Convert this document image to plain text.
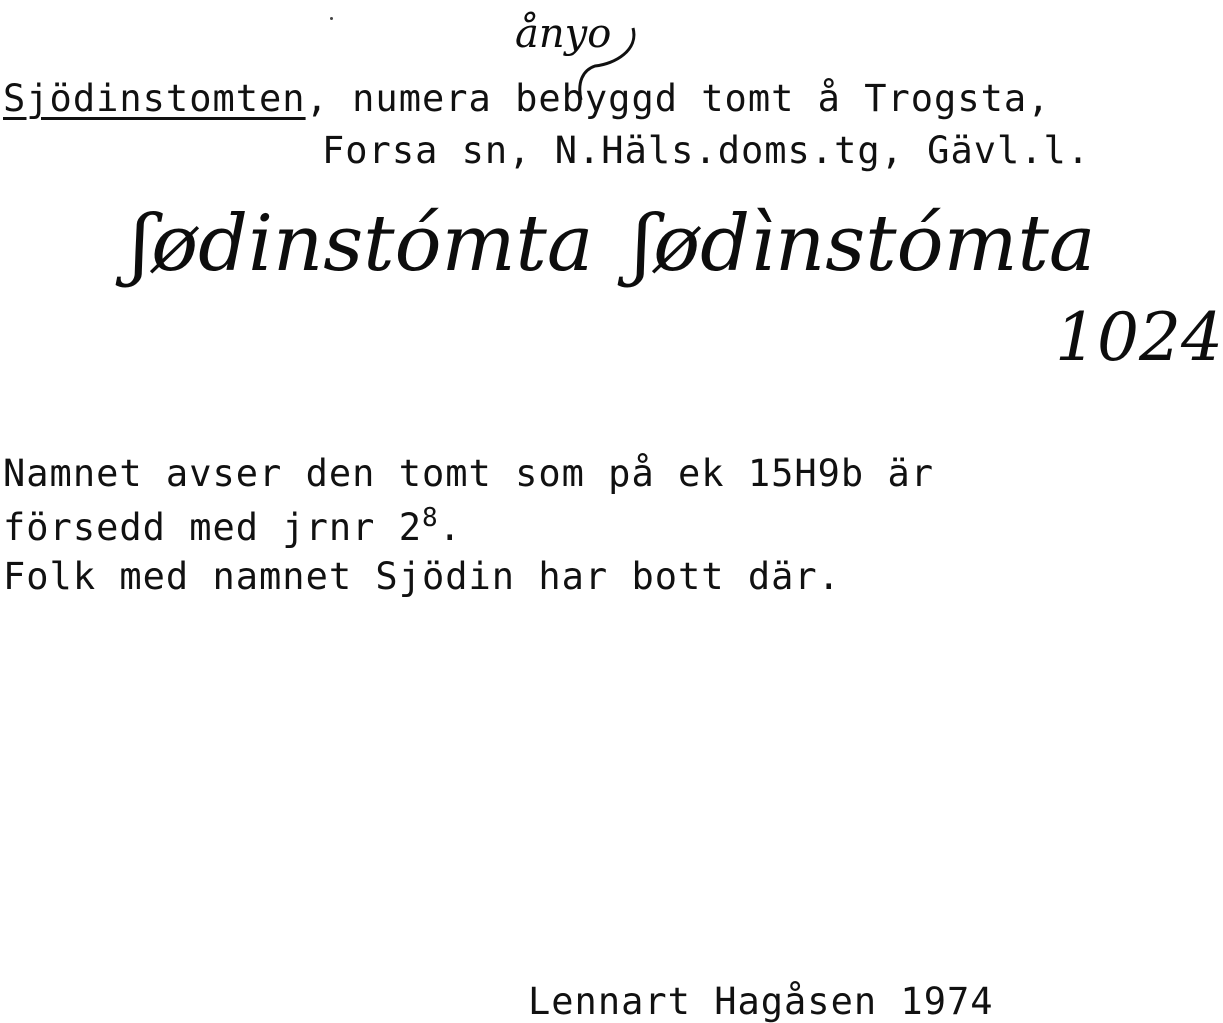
ånyo
Sjödinstomten, numera bebyggd tomt å Trogsta,
Forsa sn, N.Häls.doms.tg, Gävl.l.
ʃødinstómta ʃødìnstómta
1024
Namnet avser den tomt som på ek 15H9b är
försedd med jrnr $2^8$.
Folk med namnet Sjödin har bott där.
Lennart Hagåsen 1974
